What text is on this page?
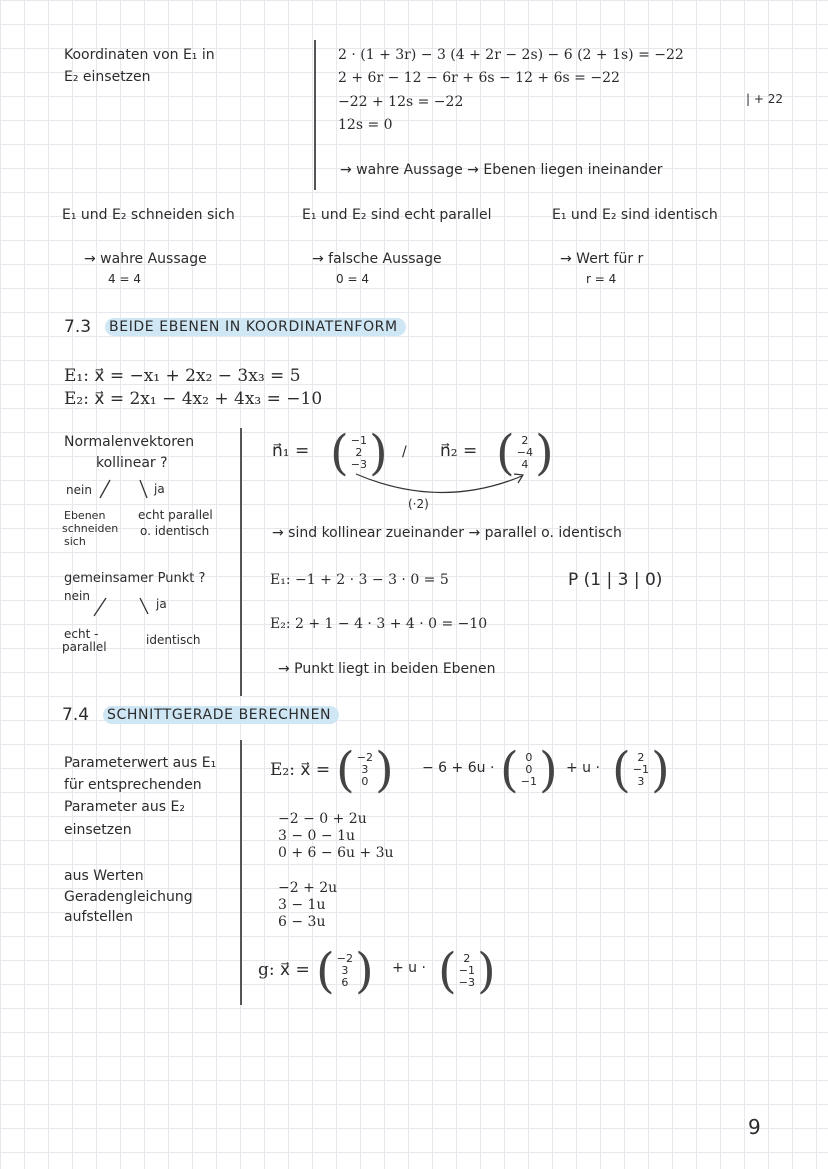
Koordinaten von E₁ in
E₂ einsetzen
2 · (1 + 3r) − 3 (4 + 2r − 2s) − 6 (2 + 1s) = −22
2 + 6r − 12 − 6r + 6s − 12 + 6s = −22
−22 + 12s = −22	| + 22
12s = 0
→ wahre Aussage → Ebenen liegen ineinander
E₁ und E₂ schneiden sich
→ wahre Aussage
4 = 4
E₁ und E₂ sind echt parallel
→ falsche Aussage
0 = 4
E₁ und E₂ sind identisch
→ Wert für r
r = 4
7.3 BEIDE EBENEN IN KOORDINATENFORM
E₁: x⃗ = −x₁ + 2x₂ − 3x₃ = 5
E₂: x⃗ = 2x₁ − 4x₂ + 4x₃ = −10
Normalenvektoren
kollinear ?
nein	ja
Ebenen
schneiden
sich
echt parallel
o. identisch
n⃗₁ = ( −1
2
−3 ) / n⃗₂ = ( 2
−4
4 )
(·2)
→ sind kollinear zueinander → parallel o. identisch
gemeinsamer Punkt ?
nein
ja
echt -
parallel	identisch
E₁: −1 + 2 · 3 − 3 · 0 = 5	P (1 | 3 | 0)
E₂: 2 + 1 − 4 · 3 + 4 · 0 = −10
→ Punkt liegt in beiden Ebenen
7.4 SCHNITTGERADE BERECHNEN
Parameterwert aus E₁
für entsprechenden
Parameter aus E₂
einsetzen
aus Werten
Geradengleichung
aufstellen
E₂: x⃗ = ( −2
3
0 ) − 6 + 6u · ( 0
0
−1 ) + u · ( 2
−1
3 )
−2 − 0 + 2u
3 − 0 − 1u
0 + 6 − 6u + 3u
−2 + 2u
3 − 1u
6 − 3u
g: x⃗ = ( −2
3
6 ) + u · ( 2
−1
−3 )
9
